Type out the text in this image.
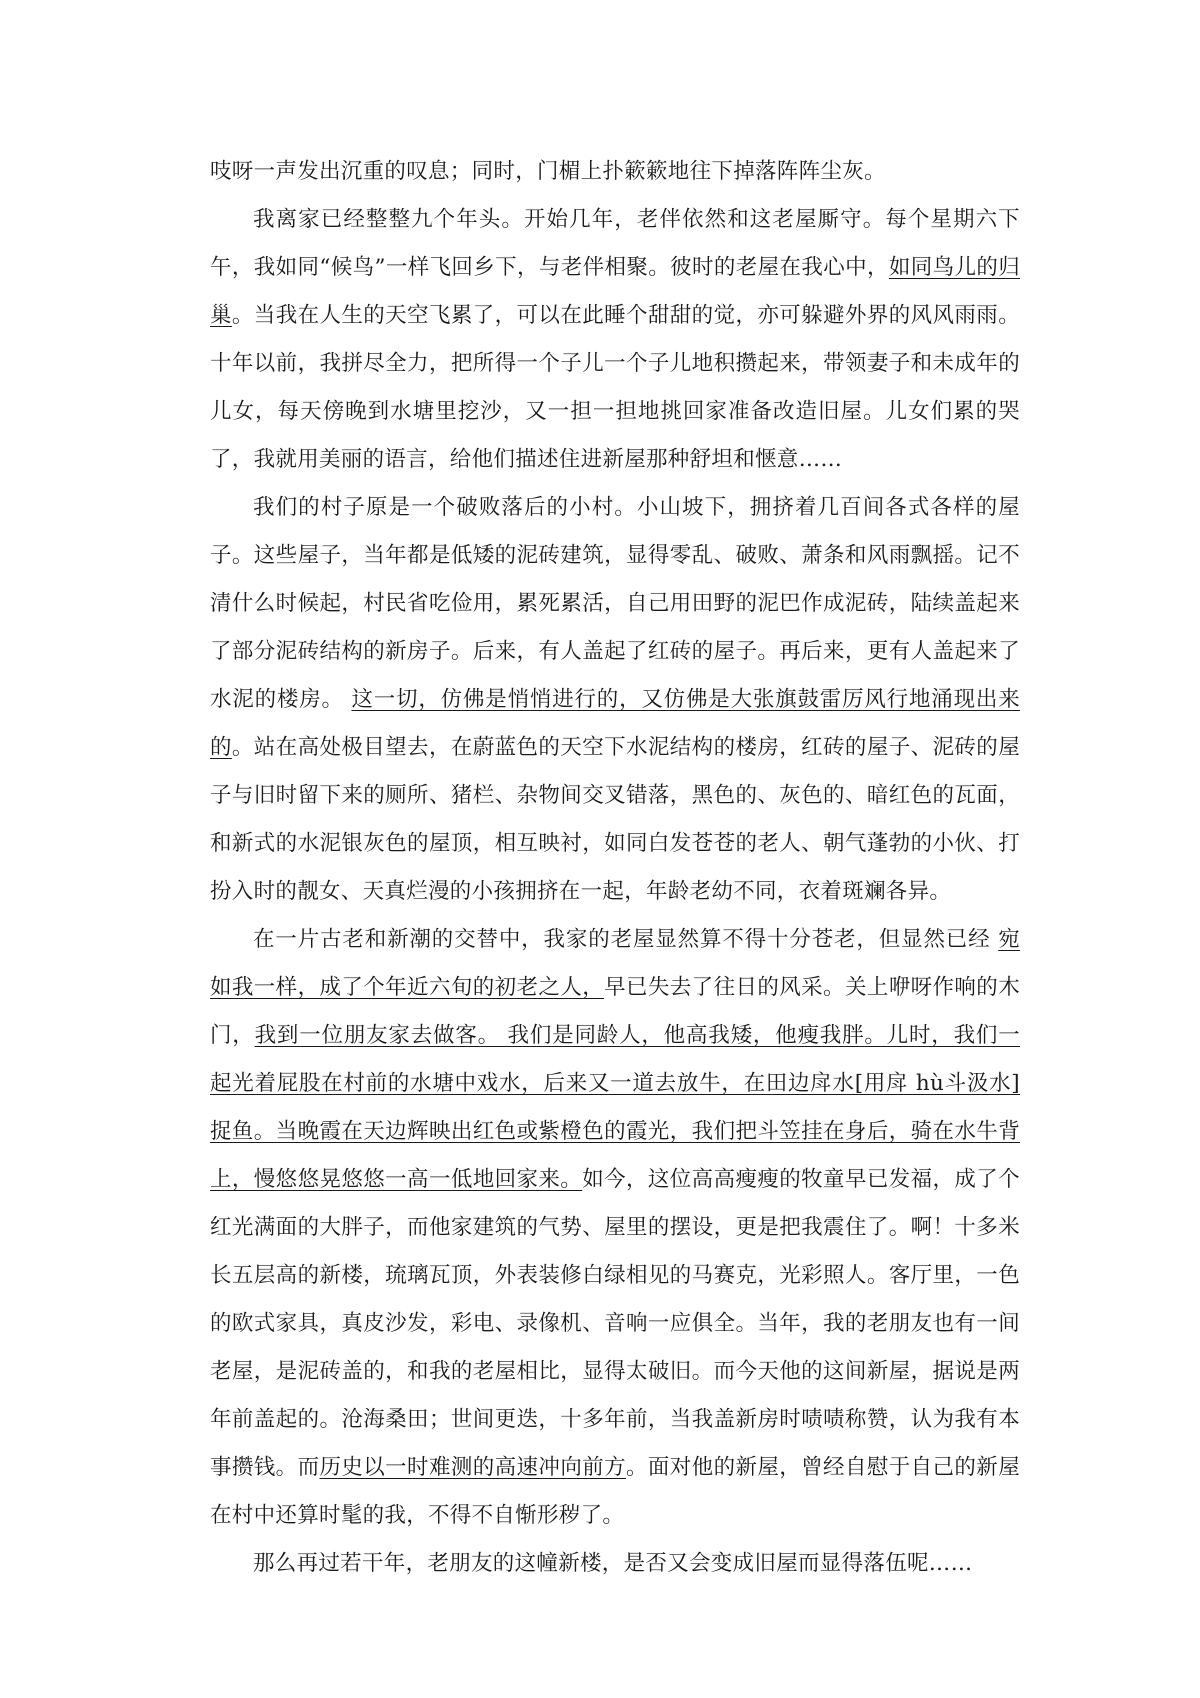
吱呀一声发出沉重的叹息；同时，门楣上扑簌簌地往下掉落阵阵尘灰。

我离家已经整整九个年头。开始几年，老伴依然和这老屋厮守。每个星期六下午，我如同“候鸟”一样飞回乡下，与老伴相聚。彼时的老屋在我心中，如同鸟儿的归巢。当我在人生的天空飞累了，可以在此睡个甜甜的觉，亦可躲避外界的风风雨雨。十年以前，我拼尽全力，把所得一个子儿一个子儿地积攒起来，带领妻子和未成年的儿女，每天傍晚到水塘里挖沙，又一担一担地挑回家准备改造旧屋。儿女们累的哭了，我就用美丽的语言，给他们描述住进新屋那种舒坦和惬意……

我们的村子原是一个破败落后的小村。小山坡下，拥挤着几百间各式各样的屋子。这些屋子，当年都是低矮的泥砖建筑，显得零乱、破败、萧条和风雨飘摇。记不清什么时候起，村民省吃俭用，累死累活，自己用田野的泥巴作成泥砖，陆续盖起来了部分泥砖结构的新房子。后来，有人盖起了红砖的屋子。再后来，更有人盖起来了水泥的楼房。 这一切，仿佛是悄悄进行的，又仿佛是大张旗鼓雷厉风行地涌现出来的。站在高处极目望去，在蔚蓝色的天空下水泥结构的楼房，红砖的屋子、泥砖的屋子与旧时留下来的厕所、猪栏、杂物间交叉错落，黑色的、灰色的、暗红色的瓦面，和新式的水泥银灰色的屋顶，相互映衬，如同白发苍苍的老人、朝气蓬勃的小伙、打扮入时的靓女、天真烂漫的小孩拥挤在一起，年龄老幼不同，衣着斑斓各异。

在一片古老和新潮的交替中，我家的老屋显然算不得十分苍老，但显然已经 宛如我一样，成了个年近六旬的初老之人，早已失去了往日的风采。关上咿呀作响的木门，我到一位朋友家去做客。 我们是同龄人，他高我矮，他瘦我胖。儿时，我们一起光着屁股在村前的水塘中戏水，后来又一道去放牛，在田边戽水[用戽 hù斗汲水]捉鱼。当晚霞在天边辉映出红色或紫橙色的霞光，我们把斗笠挂在身后，骑在水牛背上，慢悠悠晃悠悠一高一低地回家来。如今，这位高高瘦瘦的牧童早已发福，成了个红光满面的大胖子，而他家建筑的气势、屋里的摆设，更是把我震住了。啊！十多米长五层高的新楼，琉璃瓦顶，外表装修白绿相见的马赛克，光彩照人。客厅里，一色的欧式家具，真皮沙发，彩电、录像机、音响一应俱全。当年，我的老朋友也有一间老屋，是泥砖盖的，和我的老屋相比，显得太破旧。而今天他的这间新屋，据说是两年前盖起的。沧海桑田；世间更迭，十多年前，当我盖新房时啧啧称赞，认为我有本事攒钱。而历史以一时难测的高速冲向前方。面对他的新屋，曾经自慰于自己的新屋在村中还算时髦的我，不得不自惭形秽了。

那么再过若干年，老朋友的这幢新楼，是否又会变成旧屋而显得落伍呢……
